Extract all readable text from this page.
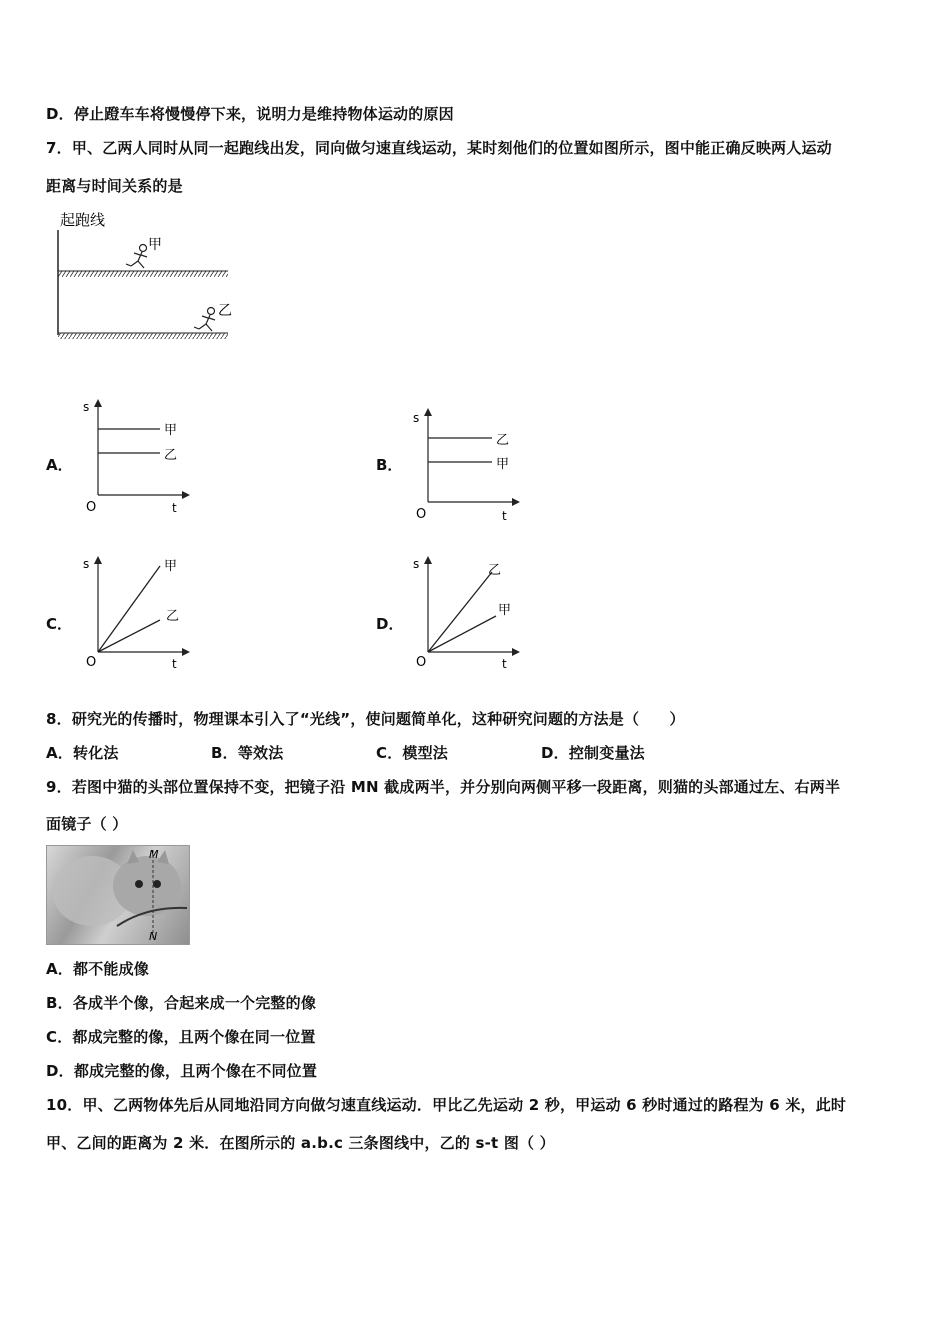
D．停止蹬车车将慢慢停下来，说明力是维持物体运动的原因
7．甲、乙两人同时从同一起跑线出发，同向做匀速直线运动，某时刻他们的位置如图所示，图中能正确反映两人运动
距离与时间关系的是
起跑线
甲
乙
A．
s
O	t
甲
乙
B．
s
O	t
乙
甲
C．
s
O	t
甲
乙	D．
s
O	t
乙
甲
8．研究光的传播时，物理课本引入了“光线”，使问题简单化，这种研究问题的方法是（　　）
A．转化法	B．等效法	C．模型法	D．控制变量法
9．若图中猫的头部位置保持不变，把镜子沿 MN 截成两半，并分别向两侧平移一段距离，则猫的头部通过左、右两半
面镜子（ ）
M
N
A．都不能成像
B．各成半个像，合起来成一个完整的像
C．都成完整的像，且两个像在同一位置
D．都成完整的像，且两个像在不同位置
10．甲、乙两物体先后从同地沿同方向做匀速直线运动．甲比乙先运动 2 秒，甲运动 6 秒时通过的路程为 6 米，此时
甲、乙间的距离为 2 米．在图所示的 a.b.c 三条图线中，乙的 s-t 图（ ）
